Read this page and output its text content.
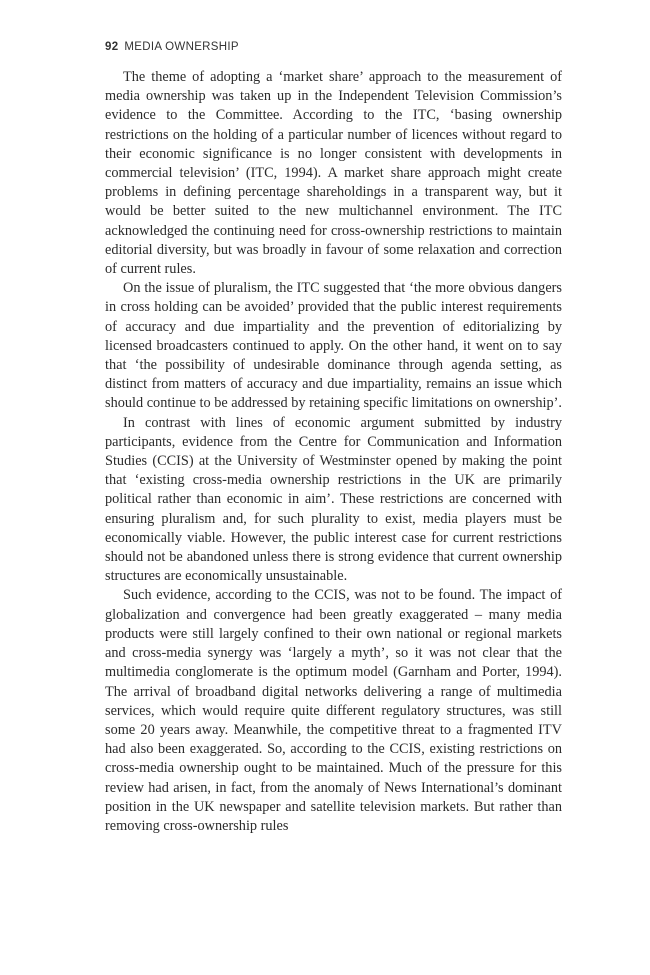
92 MEDIA OWNERSHIP

The theme of adopting a ‘market share’ approach to the measurement of media ownership was taken up in the Independent Television Commission’s evidence to the Committee. According to the ITC, ‘basing ownership restrictions on the holding of a particular number of licences without regard to their economic significance is no longer consistent with developments in commercial television’ (ITC, 1994). A market share approach might create problems in defining percentage shareholdings in a transparent way, but it would be better suited to the new multichannel environment. The ITC acknowledged the continuing need for cross-ownership restrictions to maintain editorial diversity, but was broadly in favour of some relaxation and correction of current rules.

On the issue of pluralism, the ITC suggested that ‘the more obvious dangers in cross holding can be avoided’ provided that the public interest requirements of accuracy and due impartiality and the prevention of editorializing by licensed broadcasters continued to apply. On the other hand, it went on to say that ‘the possibility of undesirable dominance through agenda setting, as distinct from matters of accuracy and due impartiality, remains an issue which should continue to be addressed by retaining specific limitations on ownership’.

In contrast with lines of economic argument submitted by industry participants, evidence from the Centre for Communication and Information Studies (CCIS) at the University of Westminster opened by making the point that ‘existing cross-media ownership restrictions in the UK are primarily political rather than economic in aim’. These restrictions are concerned with ensuring pluralism and, for such plurality to exist, media players must be economically viable. However, the public interest case for current restrictions should not be abandoned unless there is strong evidence that current ownership structures are economically unsustainable.

Such evidence, according to the CCIS, was not to be found. The impact of globalization and convergence had been greatly exaggerated – many media products were still largely confined to their own national or regional markets and cross-media synergy was ‘largely a myth’, so it was not clear that the multimedia conglomerate is the optimum model (Garnham and Porter, 1994). The arrival of broadband digital networks delivering a range of multimedia services, which would require quite different regulatory structures, was still some 20 years away. Meanwhile, the competitive threat to a fragmented ITV had also been exaggerated. So, according to the CCIS, existing restrictions on cross-media ownership ought to be maintained. Much of the pressure for this review had arisen, in fact, from the anomaly of News International’s dominant position in the UK newspaper and satellite television markets. But rather than removing cross-ownership rules
